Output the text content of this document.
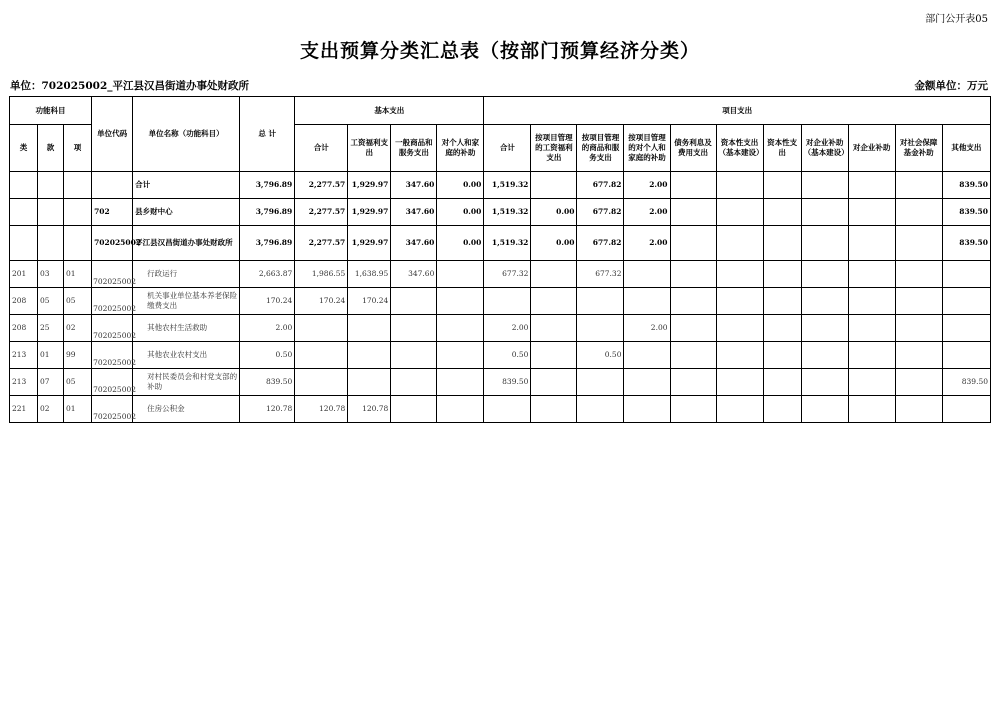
部门公开表05
支出预算分类汇总表（按部门预算经济分类）
单位：702025002_平江县汉昌街道办事处财政所	金额单位：万元
功能科目			单位代码	单位名称（功能科目）	总 计	基本支出				项目支出										
类	款	项				合计	工资福利支出	一般商品和服务支出	对个人和家庭的补助	合计	按项目管理的工资福利支出	按项目管理的商品和服务支出	按项目管理的对个人和家庭的补助	债务利息及费用支出	资本性支出（基本建设）	资本性支出	对企业补助（基本建设）	对企业补助	对社会保障基金补助	其他支出
				合计	3,796.89	2,277.57	1,929.97	347.60	0.00	1,519.32		677.82	2.00							839.50
			702	县乡财中心	3,796.89	2,277.57	1,929.97	347.60	0.00	1,519.32	0.00	677.82	2.00							839.50
			702025002	平江县汉昌街道办事处财政所	3,796.89	2,277.57	1,929.97	347.60	0.00	1,519.32	0.00	677.82	2.00							839.50
201	03	01	702025002	行政运行	2,663.87	1,986.55	1,638.95	347.60		677.32		677.32								
208	05	05	702025002	机关事业单位基本养老保险缴费支出	170.24	170.24	170.24													
208	25	02	702025002	其他农村生活救助	2.00					2.00			2.00							
213	01	99	702025002	其他农业农村支出	0.50					0.50		0.50								
213	07	05	702025002	对村民委员会和村党支部的补助	839.50					839.50										839.50
221	02	01	702025002	住房公积金	120.78	120.78	120.78													
